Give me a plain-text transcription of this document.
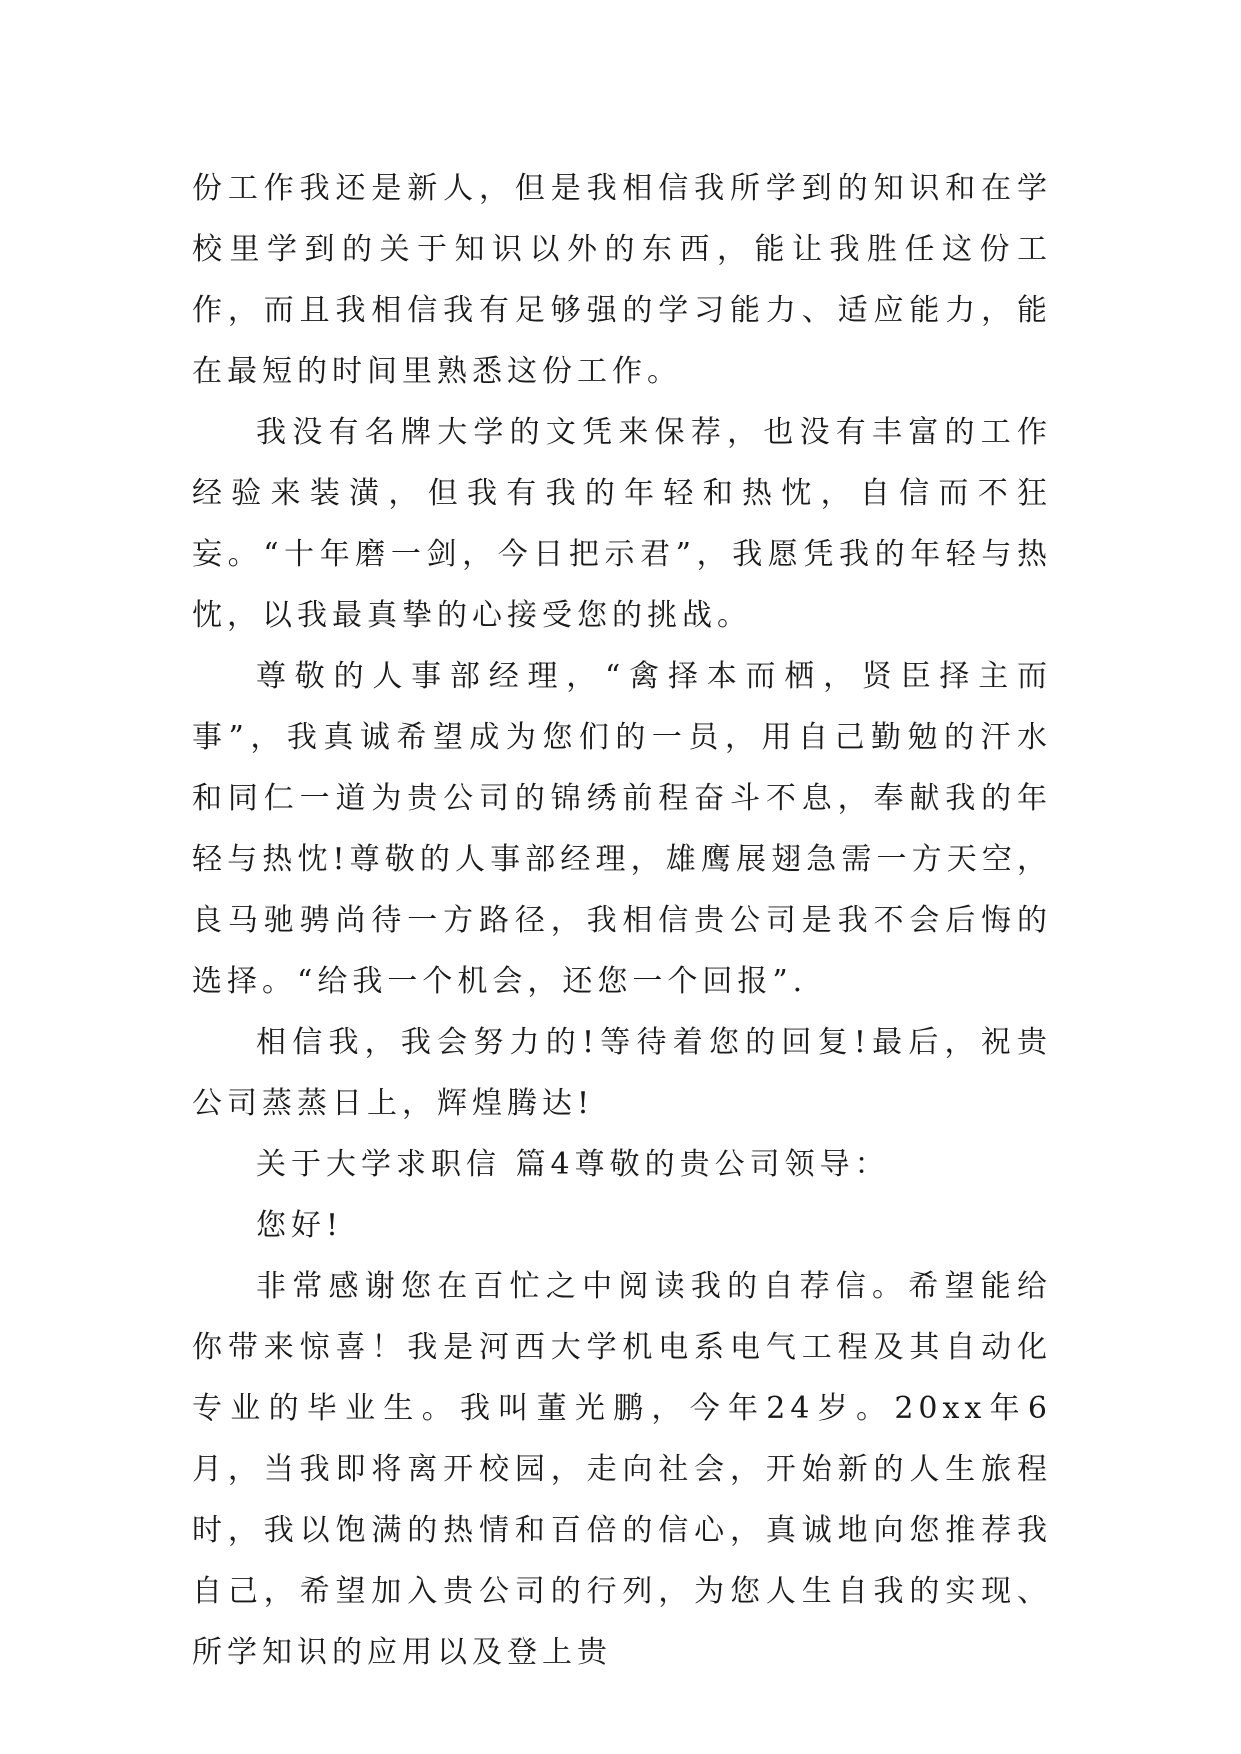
份工作我还是新人，但是我相信我所学到的知识和在学校里学到的关于知识以外的东西，能让我胜任这份工作，而且我相信我有足够强的学习能力、适应能力，能在最短的时间里熟悉这份工作。

我没有名牌大学的文凭来保荐，也没有丰富的工作经验来装潢，但我有我的年轻和热忱，自信而不狂妄。“十年磨一剑，今日把示君”，我愿凭我的年轻与热忱，以我最真挚的心接受您的挑战。

尊敬的人事部经理，“禽择本而栖，贤臣择主而事”，我真诚希望成为您们的一员，用自己勤勉的汗水和同仁一道为贵公司的锦绣前程奋斗不息，奉献我的年轻与热忱!尊敬的人事部经理，雄鹰展翅急需一方天空，良马驰骋尚待一方路径，我相信贵公司是我不会后悔的选择。“给我一个机会，还您一个回报”.

相信我，我会努力的!等待着您的回复!最后，祝贵公司蒸蒸日上，辉煌腾达!

关于大学求职信 篇4尊敬的贵公司领导：

您好!

非常感谢您在百忙之中阅读我的自荐信。希望能给你带来惊喜！我是河西大学机电系电气工程及其自动化专业的毕业生。我叫董光鹏，今年24岁。20xx年6月，当我即将离开校园，走向社会，开始新的人生旅程时，我以饱满的热情和百倍的信心，真诚地向您推荐我自己，希望加入贵公司的行列，为您人生自我的实现、所学知识的应用以及登上贵
